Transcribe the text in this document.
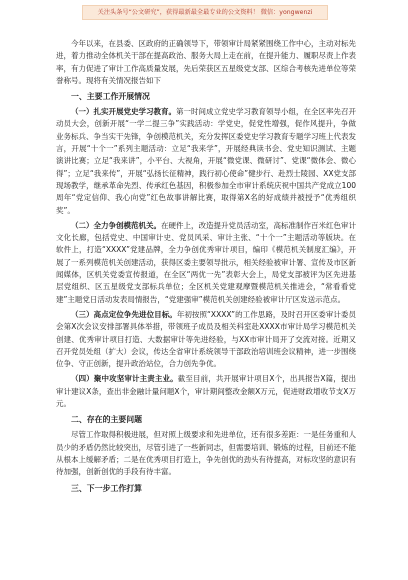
关注头条号“公文研究”，获得最新最全最专业的公文资料！ 微信：yongwenzi

今年以来，在县委、区政府的正确领导下，带领审计局紧紧围绕工作中心，主动对标先进，着力推动全体机关干部在提高政治、服务大局上走在前，在提升能力、履职尽责上作表率，有力促进了审计工作高质量发展，先后荣获区五星级党支部、区综合考核先进单位等荣誉称号。现将有关情况报告如下

一、主要工作开展情况

（一）扎实开展党史学习教育。第一时间成立党史学习教育领导小组，在全区率先召开动员大会，创新开展“一学二提三争”实践活动：学党史，促党性增强，促作风提升，争做业务标兵、争当实干先锋，争创模范机关，充分发挥区委党史学习教育专题学习班上代表发言，开展“十个一”系列主题活动：立足“我来学”，开展经典读书会、党史知识测试、主题演讲比赛；立足“我来讲”，小平台、大视角，开展“微党课、微研讨”、党课“微体会、微心得”；立足“我来传”，开展“弘扬长征精神，践行初心使命”健步行、赴烈士陵园、XX党支部现场教学，继承革命先烈、传承红色基因，积极参加全市审计系统庆祝中国共产党成立100周年“党定信仰、我心向党”红色故事讲解比赛，取得第X名的好成绩并被授予“优秀组织奖”。

（二）全力争创模范机关。在硬件上，改造提升党员活动室，高标准制作百米红色审计文化长廊，包括党史、中国审计史、党员风采、审计主张、“十个一”主题活动等版块。在软件上，打造“XXXX”党建品牌，全力争创优秀审计项目，编印《模范机关制度汇编》，开展了一系列模范机关创建活动，获得区委主要领导批示，相关经验被审计署、宣传及市区新闻媒体，区机关党委宣传报道，在全区“两优一先”表彰大会上，局党支部被评为区先进基层党组织、区五星级党支部标兵单位；全区机关党建观摩暨模范机关推进会，“常看看党建”主题党日活动发表局情报告，“党建强审”模范机关创建经验被审计厅区发送示范点。

（三）高点定位争先进位目标。年初按照“XXXX”的工作思路，及时召开区委审计委员会第X次会议安排部署具体举措，带领班子成员及相关科室赴XXXX市审计局学习模范机关创建、优秀审计项目打造、大数据审计等先进经验，与XX市审计局开了交流对接。近期又召开党员处组（扩大）会议，传达全省审计系统领导干部政治培训班会议精神，进一步围绕位争、守正创新，提升政治站位，合力创先争优。

（四）聚中攻坚审计主责主业。截至目前，共开展审计项目X个，出具报告X篇，提出审计建议X条，查出非金融计量问题X个，审计期间整改金额X万元，促进财政增收节支X万元。

二、存在的主要问题

尽管工作取得积极进展，但对照上级要求和先进单位，还有很多差距：一是任务重和人员少的矛盾仍然比较突出，尽管引进了一些新同志，但需要培训、锻炼的过程，目前还不能从根本上缓解矛盾；二是在优秀项目打造上，争先创优的劲头有待提高，对标攻坚的意识有待加强，创新创优的手段有待丰富。

三、下一步工作打算
